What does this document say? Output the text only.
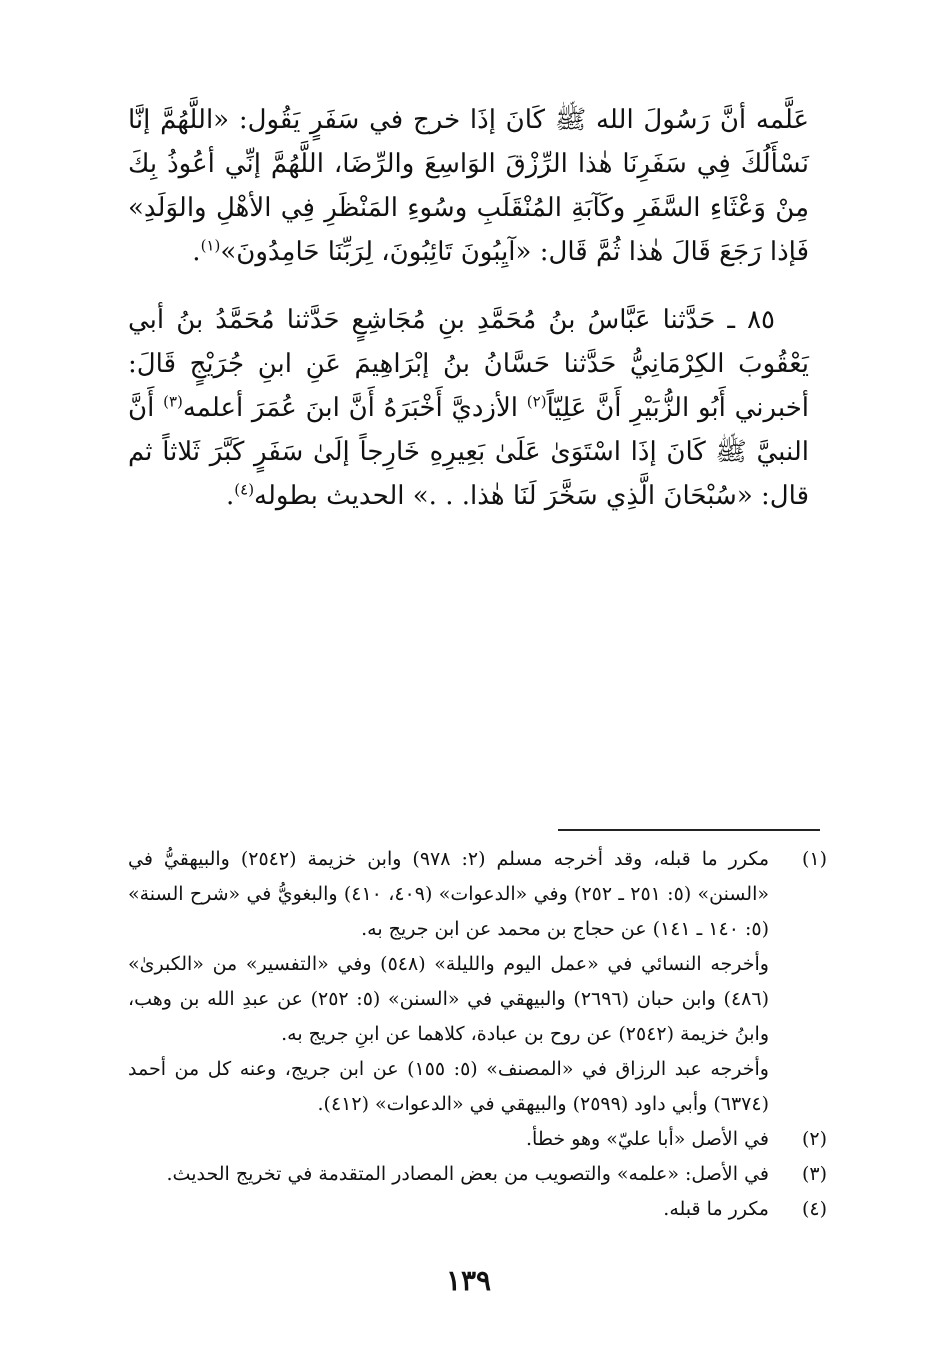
عَلَّمه أنَّ رَسُولَ الله ﷺ كَانَ إذَا خرج في سَفَرٍ يَقُول: «اللَّهُمَّ إنَّا نَسْأَلُكَ فِي سَفَرِنَا هٰذا الرِّزْقَ الوَاسِعَ والرِّضَا، اللَّهُمَّ إنِّي أعُوذُ بِكَ مِنْ وَعْثَاءِ السَّفَرِ وكَآبَةِ المُنْقَلَبِ وسُوءِ المَنْظَرِ فِي الأهْلِ والوَلَدِ» فَإذا رَجَعَ قَالَ هٰذا ثُمَّ قَال: «آيِبُونَ تَائِبُونَ، لِرَبِّنَا حَامِدُونَ»$^{(١)}$.

٨٥ ـ حَدَّثنا عَبَّاسُ بنُ مُحَمَّدِ بنِ مُجَاشِعٍ حَدَّثنا مُحَمَّدُ بنُ أبي يَعْقُوبَ الكِرْمَانِيُّ حَدَّثنا حَسَّانُ بنُ إبْرَاهِيمَ عَنِ ابنِ جُرَيْجٍ قَالَ: أخبرني أَبُو الزُّبَيْرِ أَنَّ عَلِيّاً$^{(٢)}$ الأزديَّ أَخْبَرَهُ أَنَّ ابنَ عُمَرَ أعلمه$^{(٣)}$ أَنَّ النبيَّ ﷺ كَانَ إذَا اسْتَوَىٰ عَلَىٰ بَعِيرِهِ خَارِجاً إلَىٰ سَفَرٍ كَبَّرَ ثَلاثاً ثم قال: «سُبْحَانَ الَّذِي سَخَّرَ لَنَا هٰذا. . .» الحديث بطوله$^{(٤)}$.

(١)

مكرر ما قبله، وقد أخرجه مسلم (٢: ٩٧٨) وابن خزيمة (٢٥٤٢) والبيهقيُّ في «السنن» (٥: ٢٥١ ـ ٢٥٢) وفي «الدعوات» (٤٠٩، ٤١٠) والبغويُّ في «شرح السنة» (٥: ١٤٠ ـ ١٤١) عن حجاج بن محمد عن ابن جريج به.

وأخرجه النسائي في «عمل اليوم والليلة» (٥٤٨) وفي «التفسير» من «الكبرىٰ» (٤٨٦) وابن حبان (٢٦٩٦) والبيهقي في «السنن» (٥: ٢٥٢) عن عبدِ الله بن وهب، وابنُ خزيمة (٢٥٤٢) عن روح بن عبادة، كلاهما عن ابنِ جريج به.

وأخرجه عبد الرزاق في «المصنف» (٥: ١٥٥) عن ابن جريج، وعنه كل من أحمد (٦٣٧٤) وأبي داود (٢٥٩٩) والبيهقي في «الدعوات» (٤١٢).

(٢)

في الأصل «أبا عليّ» وهو خطأ.

(٣)

في الأصل: «علمه» والتصويب من بعض المصادر المتقدمة في تخريج الحديث.

(٤)

مكرر ما قبله.

١٣٩
